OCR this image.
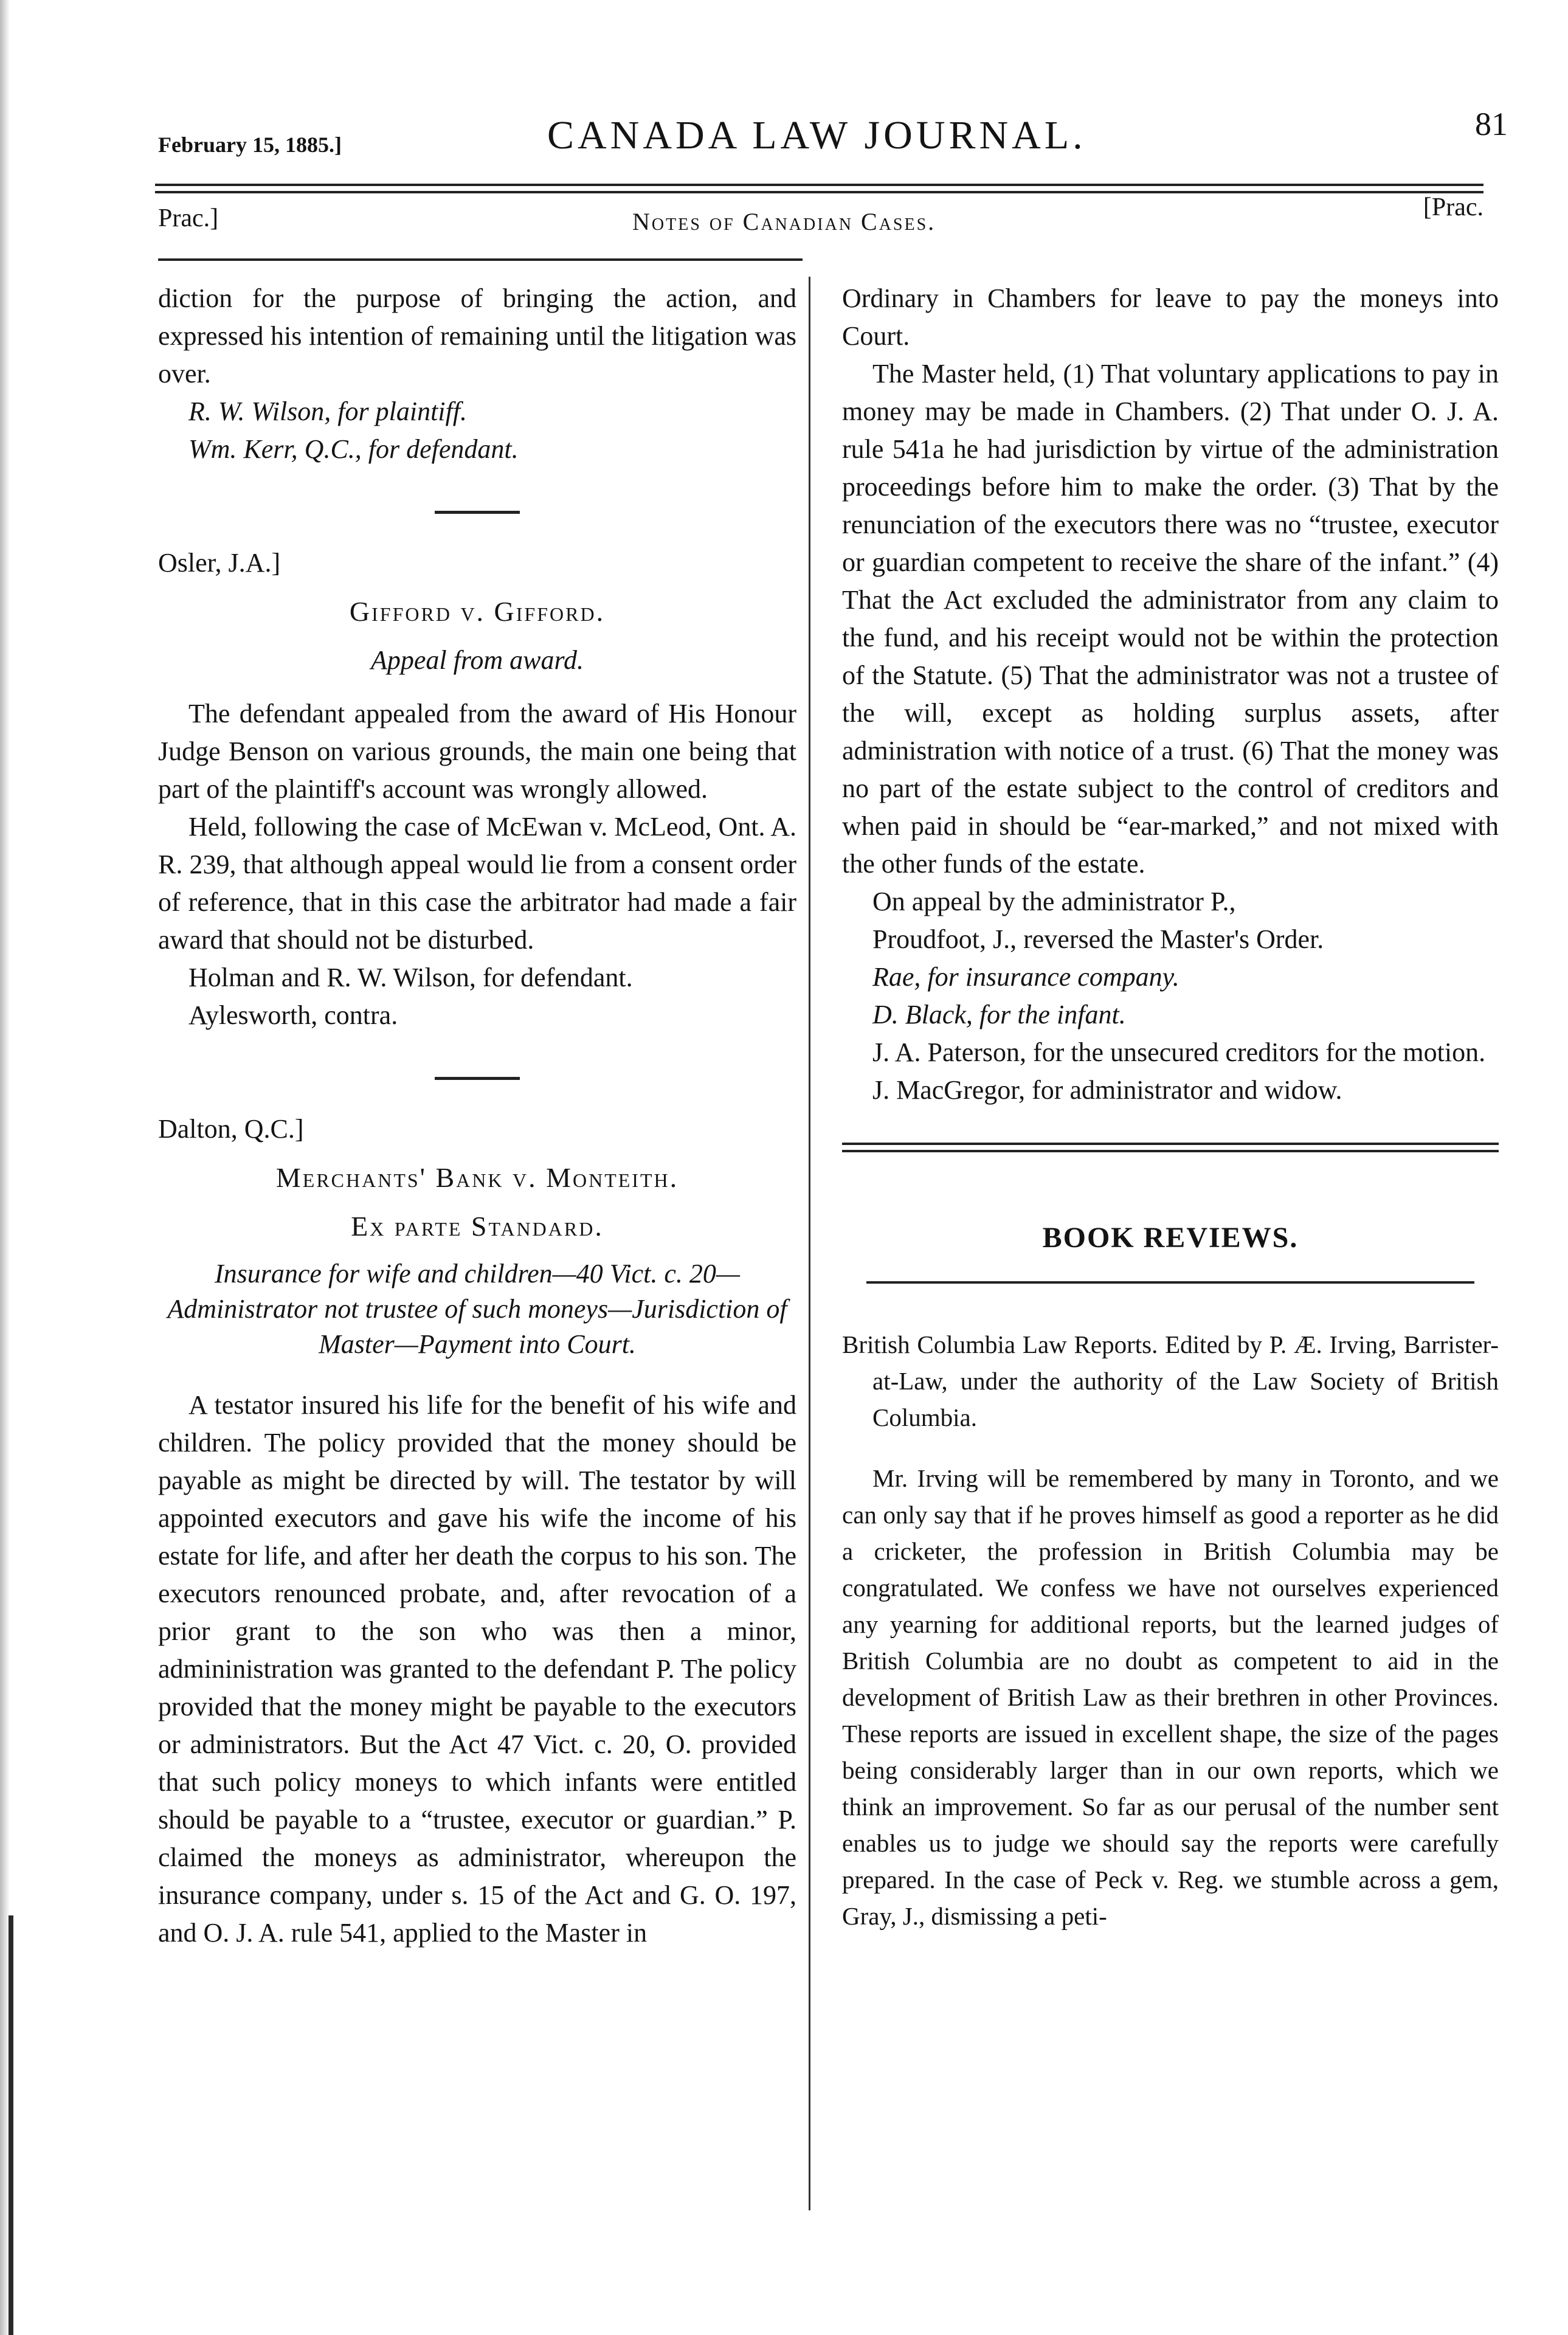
February 15, 1885.]	CANADA LAW JOURNAL.	81
Prac.]	Notes of Canadian Cases.
[Prac.

diction for the purpose of bringing the action, and expressed his intention of remaining until the litigation was over.

R. W. Wilson, for plaintiff.

Wm. Kerr, Q.C., for defendant.

Osler, J.A.]

Gifford v. Gifford.

Appeal from award.

The defendant appealed from the award of His Honour Judge Benson on various grounds, the main one being that part of the plaintiff's account was wrongly allowed.

Held, following the case of McEwan v. McLeod, Ont. A. R. 239, that although appeal would lie from a consent order of reference, that in this case the arbitrator had made a fair award that should not be disturbed.

Holman and R. W. Wilson, for defendant.

Aylesworth, contra.

Dalton, Q.C.]

Merchants' Bank v. Monteith.

Ex parte Standard.

Insurance for wife and children—40 Vict. c. 20—Administrator not trustee of such moneys—Jurisdiction of Master—Payment into Court.

A testator insured his life for the benefit of his wife and children. The policy provided that the money should be payable as might be directed by will. The testator by will appointed executors and gave his wife the income of his estate for life, and after her death the corpus to his son. The executors renounced probate, and, after revocation of a prior grant to the son who was then a minor, admininistration was granted to the defendant P. The policy provided that the money might be payable to the executors or administrators. But the Act 47 Vict. c. 20, O. provided that such policy moneys to which infants were entitled should be payable to a “trustee, executor or guardian.” P. claimed the moneys as administrator, whereupon the insurance company, under s. 15 of the Act and G. O. 197, and O. J. A. rule 541, applied to the Master in

Ordinary in Chambers for leave to pay the moneys into Court.

The Master held, (1) That voluntary applications to pay in money may be made in Chambers. (2) That under O. J. A. rule 541a he had jurisdiction by virtue of the administration proceedings before him to make the order. (3) That by the renunciation of the executors there was no “trustee, executor or guardian competent to receive the share of the infant.” (4) That the Act excluded the administrator from any claim to the fund, and his receipt would not be within the protection of the Statute. (5) That the administrator was not a trustee of the will, except as holding surplus assets, after administration with notice of a trust. (6) That the money was no part of the estate subject to the control of creditors and when paid in should be “ear-marked,” and not mixed with the other funds of the estate.

On appeal by the administrator P.,

Proudfoot, J., reversed the Master's Order.

Rae, for insurance company.

D. Black, for the infant.

J. A. Paterson, for the unsecured creditors for the motion.

J. MacGregor, for administrator and widow.

BOOK REVIEWS.

British Columbia Law Reports. Edited by P. Æ. Irving, Barrister-at-Law, under the authority of the Law Society of British Columbia.

Mr. Irving will be remembered by many in Toronto, and we can only say that if he proves himself as good a reporter as he did a cricketer, the profession in British Columbia may be congratulated. We confess we have not ourselves experienced any yearning for additional reports, but the learned judges of British Columbia are no doubt as competent to aid in the development of British Law as their brethren in other Provinces. These reports are issued in excellent shape, the size of the pages being considerably larger than in our own reports, which we think an improvement. So far as our perusal of the number sent enables us to judge we should say the reports were carefully prepared. In the case of Peck v. Reg. we stumble across a gem, Gray, J., dismissing a peti-
